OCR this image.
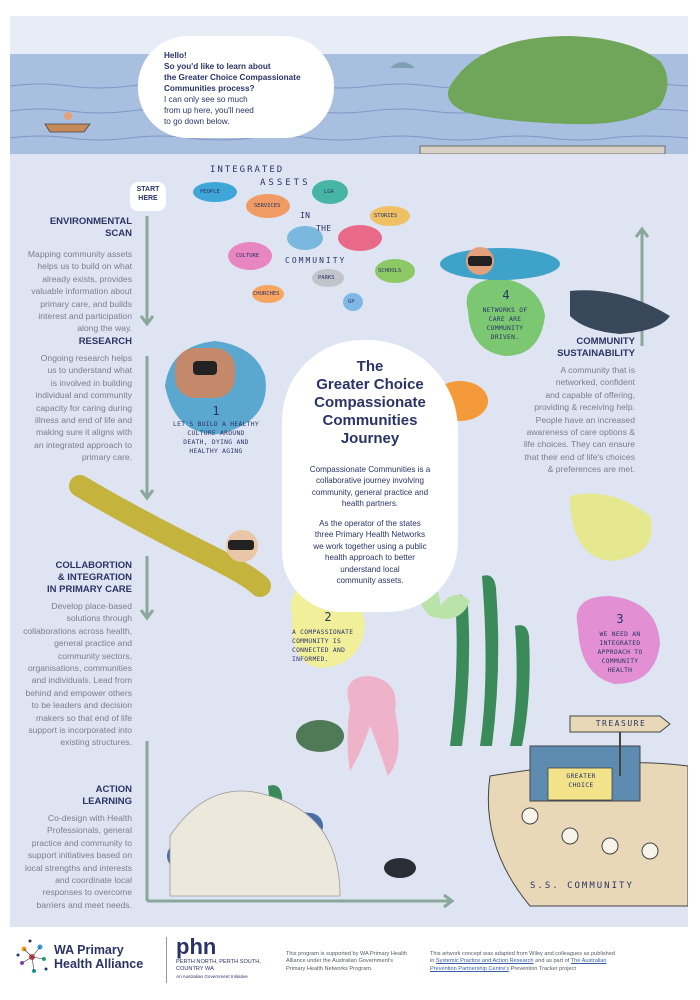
Hello!
So you'd like to learn about
the Greater Choice Compassionate
Communities process?
I can only see so much
from up here, you'll need
to go down below.
START
HERE
INTEGRATED
ASSETS
IN
THE
COMMUNITY
PEOPLE
SERVICES
LGA
STORIES
CULTURE
SCHOOLS
PARKS
CHURCHES
GP
ENVIRONMENTAL
SCAN
Mapping community assets
helps us to build on what
already exists, provides
valuable information about
primary care, and builds
interest and participation
along the way.
RESEARCH
Ongoing research helps
us to understand what
is involved in building
individual and community
capacity for caring during
illness and end of life and
making sure it aligns with
an integrated approach to
primary care.
COLLABORTION
& INTEGRATION
IN PRIMARY CARE
Develop place-based
solutions through
collaborations across health,
general practice and
community sectors,
organisations, communities
and individuals. Lead from
behind and empower others
to be leaders and decision
makers so that end of life
support is incorporated into
existing structures.
ACTION
LEARNING
Co-design with Health
Professionals, general
practice and community to
support initiatives based on
local strengths and interests
and coordinate local
responses to overcome
barriers and meet needs.
COMMUNITY
SUSTAINABILITY
A community that is
networked, confident
and capable of offering,
providing & receiving help.
People have an increased
awareness of care options &
life choices. They can ensure
that their end of life's choices
& preferences are met.
The
Greater Choice
Compassionate
Communities
Journey
Compassionate Communities is a
collaborative journey involving
community, general practice and
health partners.
As the operator of the states
three Primary Health Networks
we work together using a public
health approach to better
understand local
community assets.
1
LET'S BUILD A HEALTHY
CULTURE AROUND
DEATH, DYING AND
HEALTHY AGING
2
A COMPASSIONATE
COMMUNITY IS
CONNECTED AND
INFORMED.
3
WE NEED AN
INTEGRATED
APPROACH TO
COMMUNITY
HEALTH
4
NETWORKS OF
CARE ARE
COMMUNITY
DRIVEN.
TREASURE
GREATER
CHOICE
S.S. COMMUNITY
WA Primary
Health Alliance
phn
PERTH NORTH, PERTH SOUTH,
COUNTRY WA
An Australian Government Initiative
This program is supported by WA Primary Health
Alliance under the Australian Government's
Primary Health Networks Program.
This artwork concept was adapted from Wiley and colleagues as published
in Systemic Practice and Action Research and as part of The Australian
Prevention Partnership Centre's Prevention Tracker project
